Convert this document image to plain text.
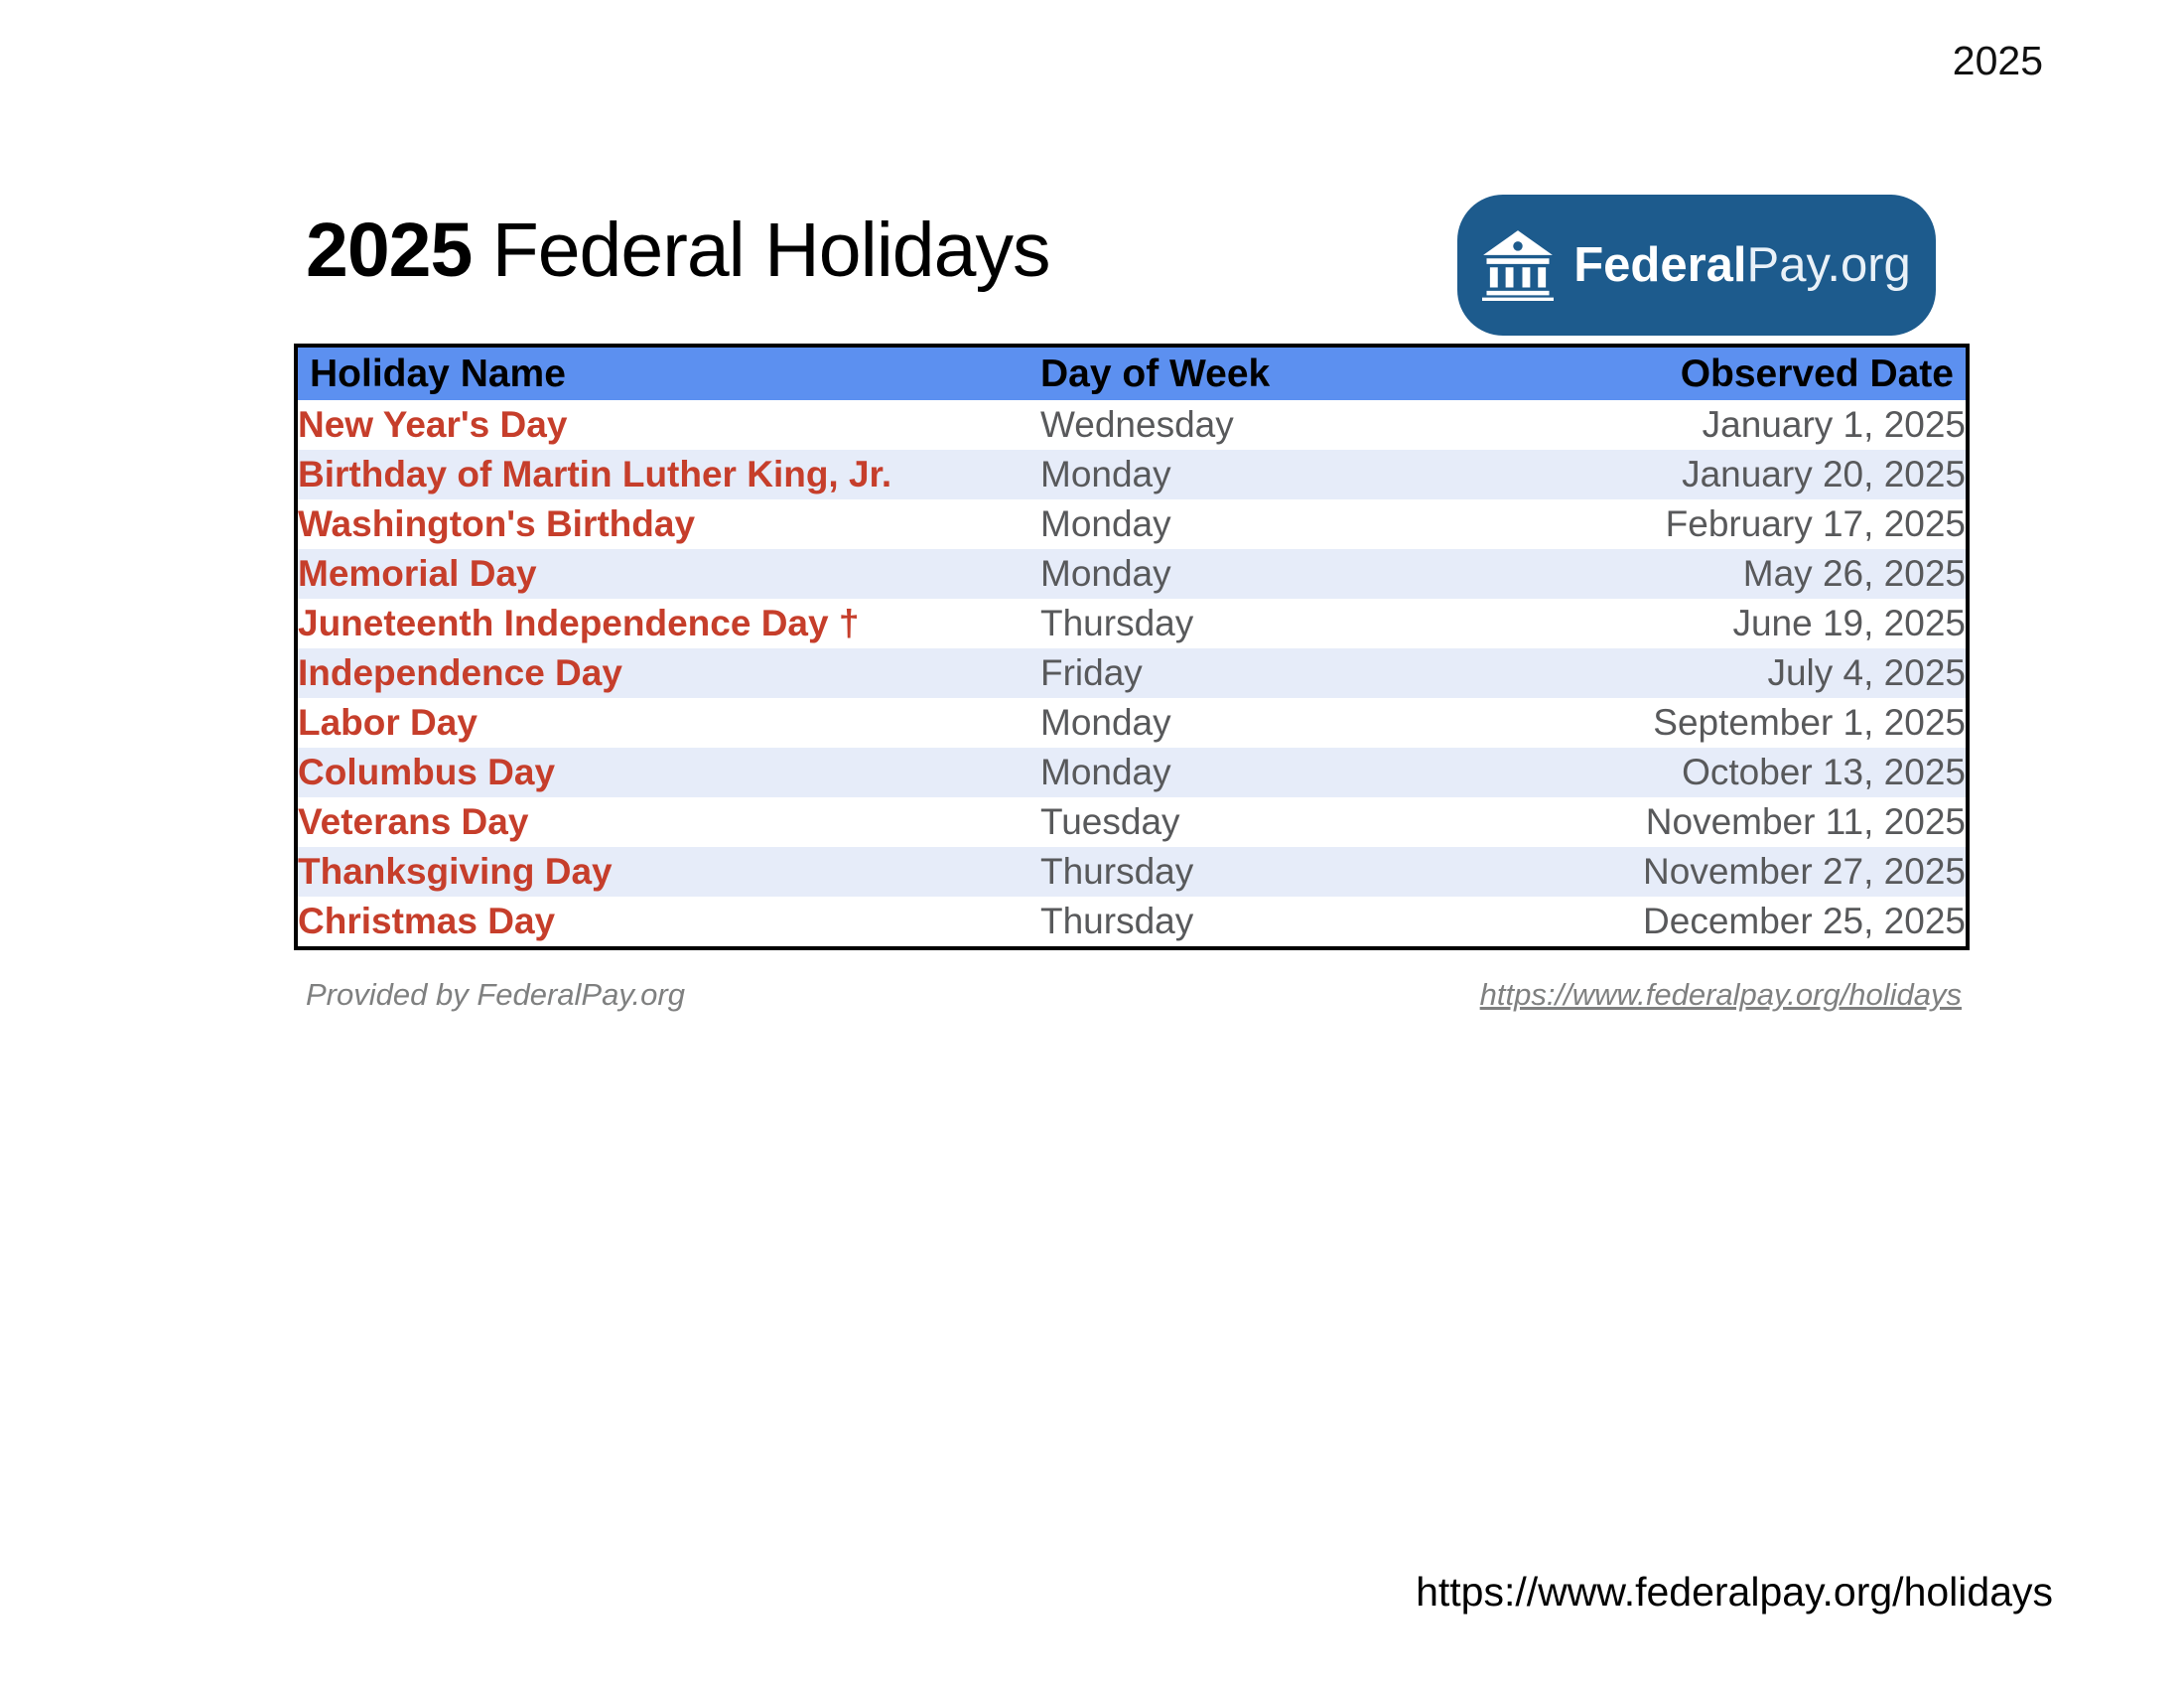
2025
2025 Federal Holidays	FederalPay.org
Holiday Name	Day of Week	Observed Date
New Year's Day	Wednesday	January 1, 2025
Birthday of Martin Luther King, Jr.	Monday	January 20, 2025
Washington's Birthday	Monday	February 17, 2025
Memorial Day	Monday	May 26, 2025
Juneteenth Independence Day †	Thursday	June 19, 2025
Independence Day	Friday	July 4, 2025
Labor Day	Monday	September 1, 2025
Columbus Day	Monday	October 13, 2025
Veterans Day	Tuesday	November 11, 2025
Thanksgiving Day	Thursday	November 27, 2025
Christmas Day	Thursday	December 25, 2025
Provided by FederalPay.org	https://www.federalpay.org/holidays
https://www.federalpay.org/holidays
